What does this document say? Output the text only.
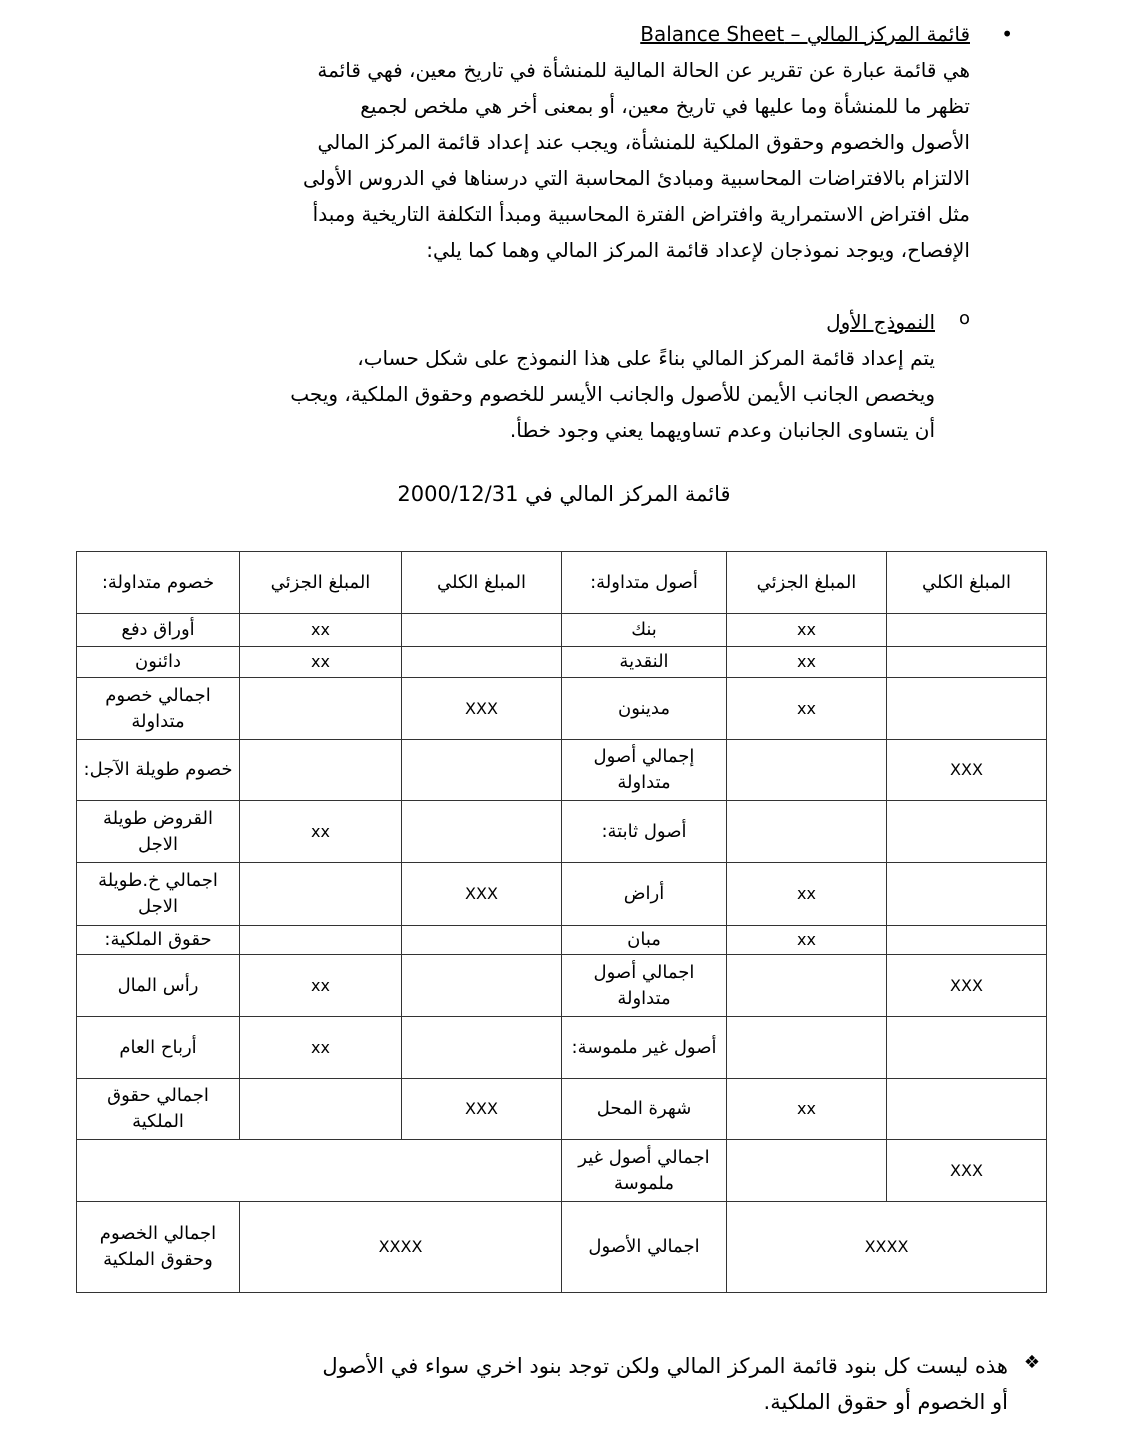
•
قائمة المركز المالي – Balance Sheet
هي قائمة عبارة عن تقرير عن الحالة المالية للمنشأة في تاريخ معين، فهي قائمة
تظهر ما للمنشأة وما عليها في تاريخ معين، أو بمعنى أخر هي ملخص لجميع
الأصول والخصوم وحقوق الملكية للمنشأة، ويجب عند إعداد قائمة المركز المالي
الالتزام بالافتراضات المحاسبية ومبادئ المحاسبة التي درسناها في الدروس الأولى
مثل افتراض الاستمرارية وافتراض الفترة المحاسبية ومبدأ التكلفة التاريخية ومبدأ
الإفصاح، ويوجد نموذجان لإعداد قائمة المركز المالي وهما كما يلي:
o
النموذج الأول
يتم إعداد قائمة المركز المالي بناءً على هذا النموذج على شكل حساب،
ويخصص الجانب الأيمن للأصول والجانب الأيسر للخصوم وحقوق الملكية، ويجب
أن يتساوى الجانبان وعدم تساويهما يعني وجود خطأ.
قائمة المركز المالي في 2000/12/31
المبلغ الكلي	المبلغ الجزئي	أصول متداولة:	المبلغ الكلي	المبلغ الجزئي	خصوم متداولة:
	xx	بنك		xx	أوراق دفع
	xx	النقدية		xx	دائنون
	xx	مدينون	XXX		اجمالي خصوم متداولة
XXX		إجمالي أصول متداولة			خصوم طويلة الآجل:
		أصول ثابتة:		xx	القروض طويلة الاجل
	xx	أراض	XXX		اجمالي خ.طويلة الاجل
	xx	مبان			حقوق الملكية:
XXX		اجمالي أصول متداولة		xx	رأس المال
		أصول غير ملموسة:		xx	أرباح العام
	xx	شهرة المحل	XXX		اجمالي حقوق الملكية
XXX		اجمالي أصول غير ملموسة			
XXXX		اجمالي الأصول	XXXX		اجمالي الخصوم وحقوق الملكية
❖
هذه ليست كل بنود قائمة المركز المالي ولكن توجد بنود اخري سواء في الأصول
أو الخصوم أو حقوق الملكية.
